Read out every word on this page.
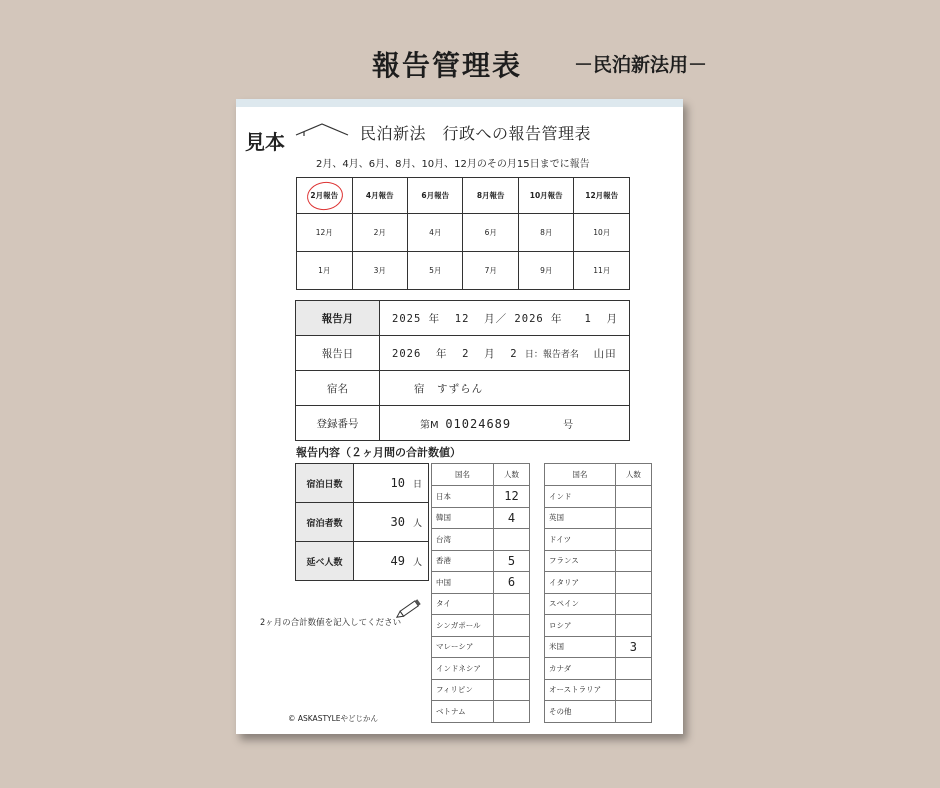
報告管理表	－民泊新法用－
見本	民泊新法　行政への報告管理表
2月、4月、6月、8月、10月、12月のその月15日までに報告
2月報告	4月報告	6月報告	8月報告	10月報告	12月報告
12月	2月	4月	6月	8月	10月
1月	3月	5月	7月	9月	11月
報告月	2025 年 12 月／ 2026 年 1 月
報告日	2026 年 2 月 2 日：報告者名 山田
宿名	宿　すずらん
登録番号	第M 01024689 号
報告内容（２ヶ月間の合計数値）
宿泊日数	10 日
宿泊者数	30 人
延べ人数	49 人
国名	人数
日本	12
韓国	4
台湾	
香港	5
中国	6
タイ	
シンガポール	
マレーシア	
インドネシア	
フィリピン	
ベトナム	
国名	人数
インド	
英国	
ドイツ	
フランス	
イタリア	
スペイン	
ロシア	
米国	3
カナダ	
オーストラリア	
その他	
2ヶ月の合計数値を記入してください
© ASKASTYLEやどじかん
